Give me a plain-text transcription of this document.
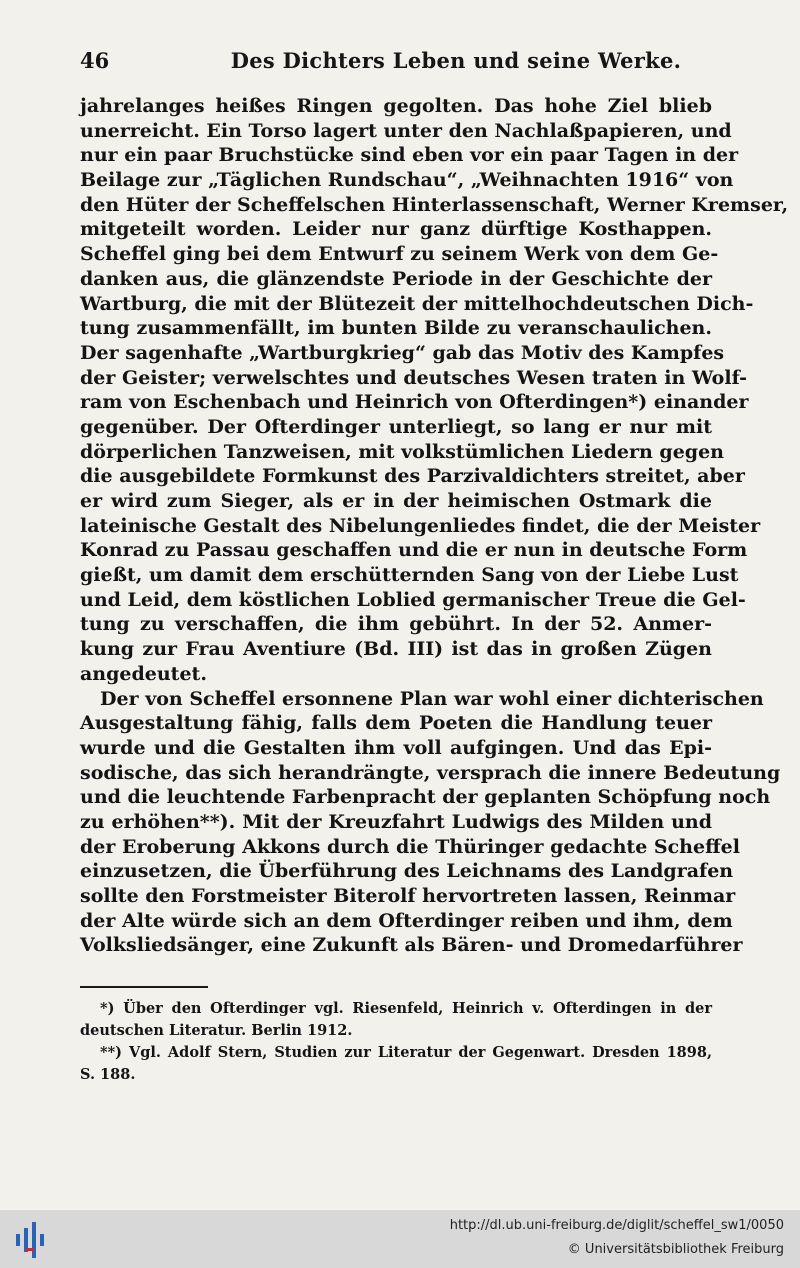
46	Des Dichters Leben und seine Werke.
jahrelanges heißes Ringen gegolten. Das hohe Ziel blieb
unerreicht. Ein Torso lagert unter den Nachlaßpapieren, und
nur ein paar Bruchstücke sind eben vor ein paar Tagen in der
Beilage zur „Täglichen Rundschau“, „Weihnachten 1916“ von
den Hüter der Scheffelschen Hinterlassenschaft, Werner Kremser,
mitgeteilt worden. Leider nur ganz dürftige Kosthappen.
Scheffel ging bei dem Entwurf zu seinem Werk von dem Ge-
danken aus, die glänzendste Periode in der Geschichte der
Wartburg, die mit der Blütezeit der mittelhochdeutschen Dich-
tung zusammenfällt, im bunten Bilde zu veranschaulichen.
Der sagenhafte „Wartburgkrieg“ gab das Motiv des Kampfes
der Geister; verwelschtes und deutsches Wesen traten in Wolf-
ram von Eschenbach und Heinrich von Ofterdingen*) einander
gegenüber. Der Ofterdinger unterliegt, so lang er nur mit
dörperlichen Tanzweisen, mit volkstümlichen Liedern gegen
die ausgebildete Formkunst des Parzivaldichters streitet, aber
er wird zum Sieger, als er in der heimischen Ostmark die
lateinische Gestalt des Nibelungenliedes findet, die der Meister
Konrad zu Passau geschaffen und die er nun in deutsche Form
gießt, um damit dem erschütternden Sang von der Liebe Lust
und Leid, dem köstlichen Loblied germanischer Treue die Gel-
tung zu verschaffen, die ihm gebührt. In der 52. Anmer-
kung zur Frau Aventiure (Bd. III) ist das in großen Zügen
angedeutet.
Der von Scheffel ersonnene Plan war wohl einer dichterischen
Ausgestaltung fähig, falls dem Poeten die Handlung teuer
wurde und die Gestalten ihm voll aufgingen. Und das Epi-
sodische, das sich herandrängte, versprach die innere Bedeutung
und die leuchtende Farbenpracht der geplanten Schöpfung noch
zu erhöhen**). Mit der Kreuzfahrt Ludwigs des Milden und
der Eroberung Akkons durch die Thüringer gedachte Scheffel
einzusetzen, die Überführung des Leichnams des Landgrafen
sollte den Forstmeister Biterolf hervortreten lassen, Reinmar
der Alte würde sich an dem Ofterdinger reiben und ihm, dem
Volksliedsänger, eine Zukunft als Bären- und Dromedarführer
*) Über den Ofterdinger vgl. Riesenfeld, Heinrich v. Ofterdingen in der
deutschen Literatur. Berlin 1912.
**) Vgl. Adolf Stern, Studien zur Literatur der Gegenwart. Dresden 1898,
S. 188.
http://dl.ub.uni-freiburg.de/diglit/scheffel_sw1/0050
© Universitätsbibliothek Freiburg
